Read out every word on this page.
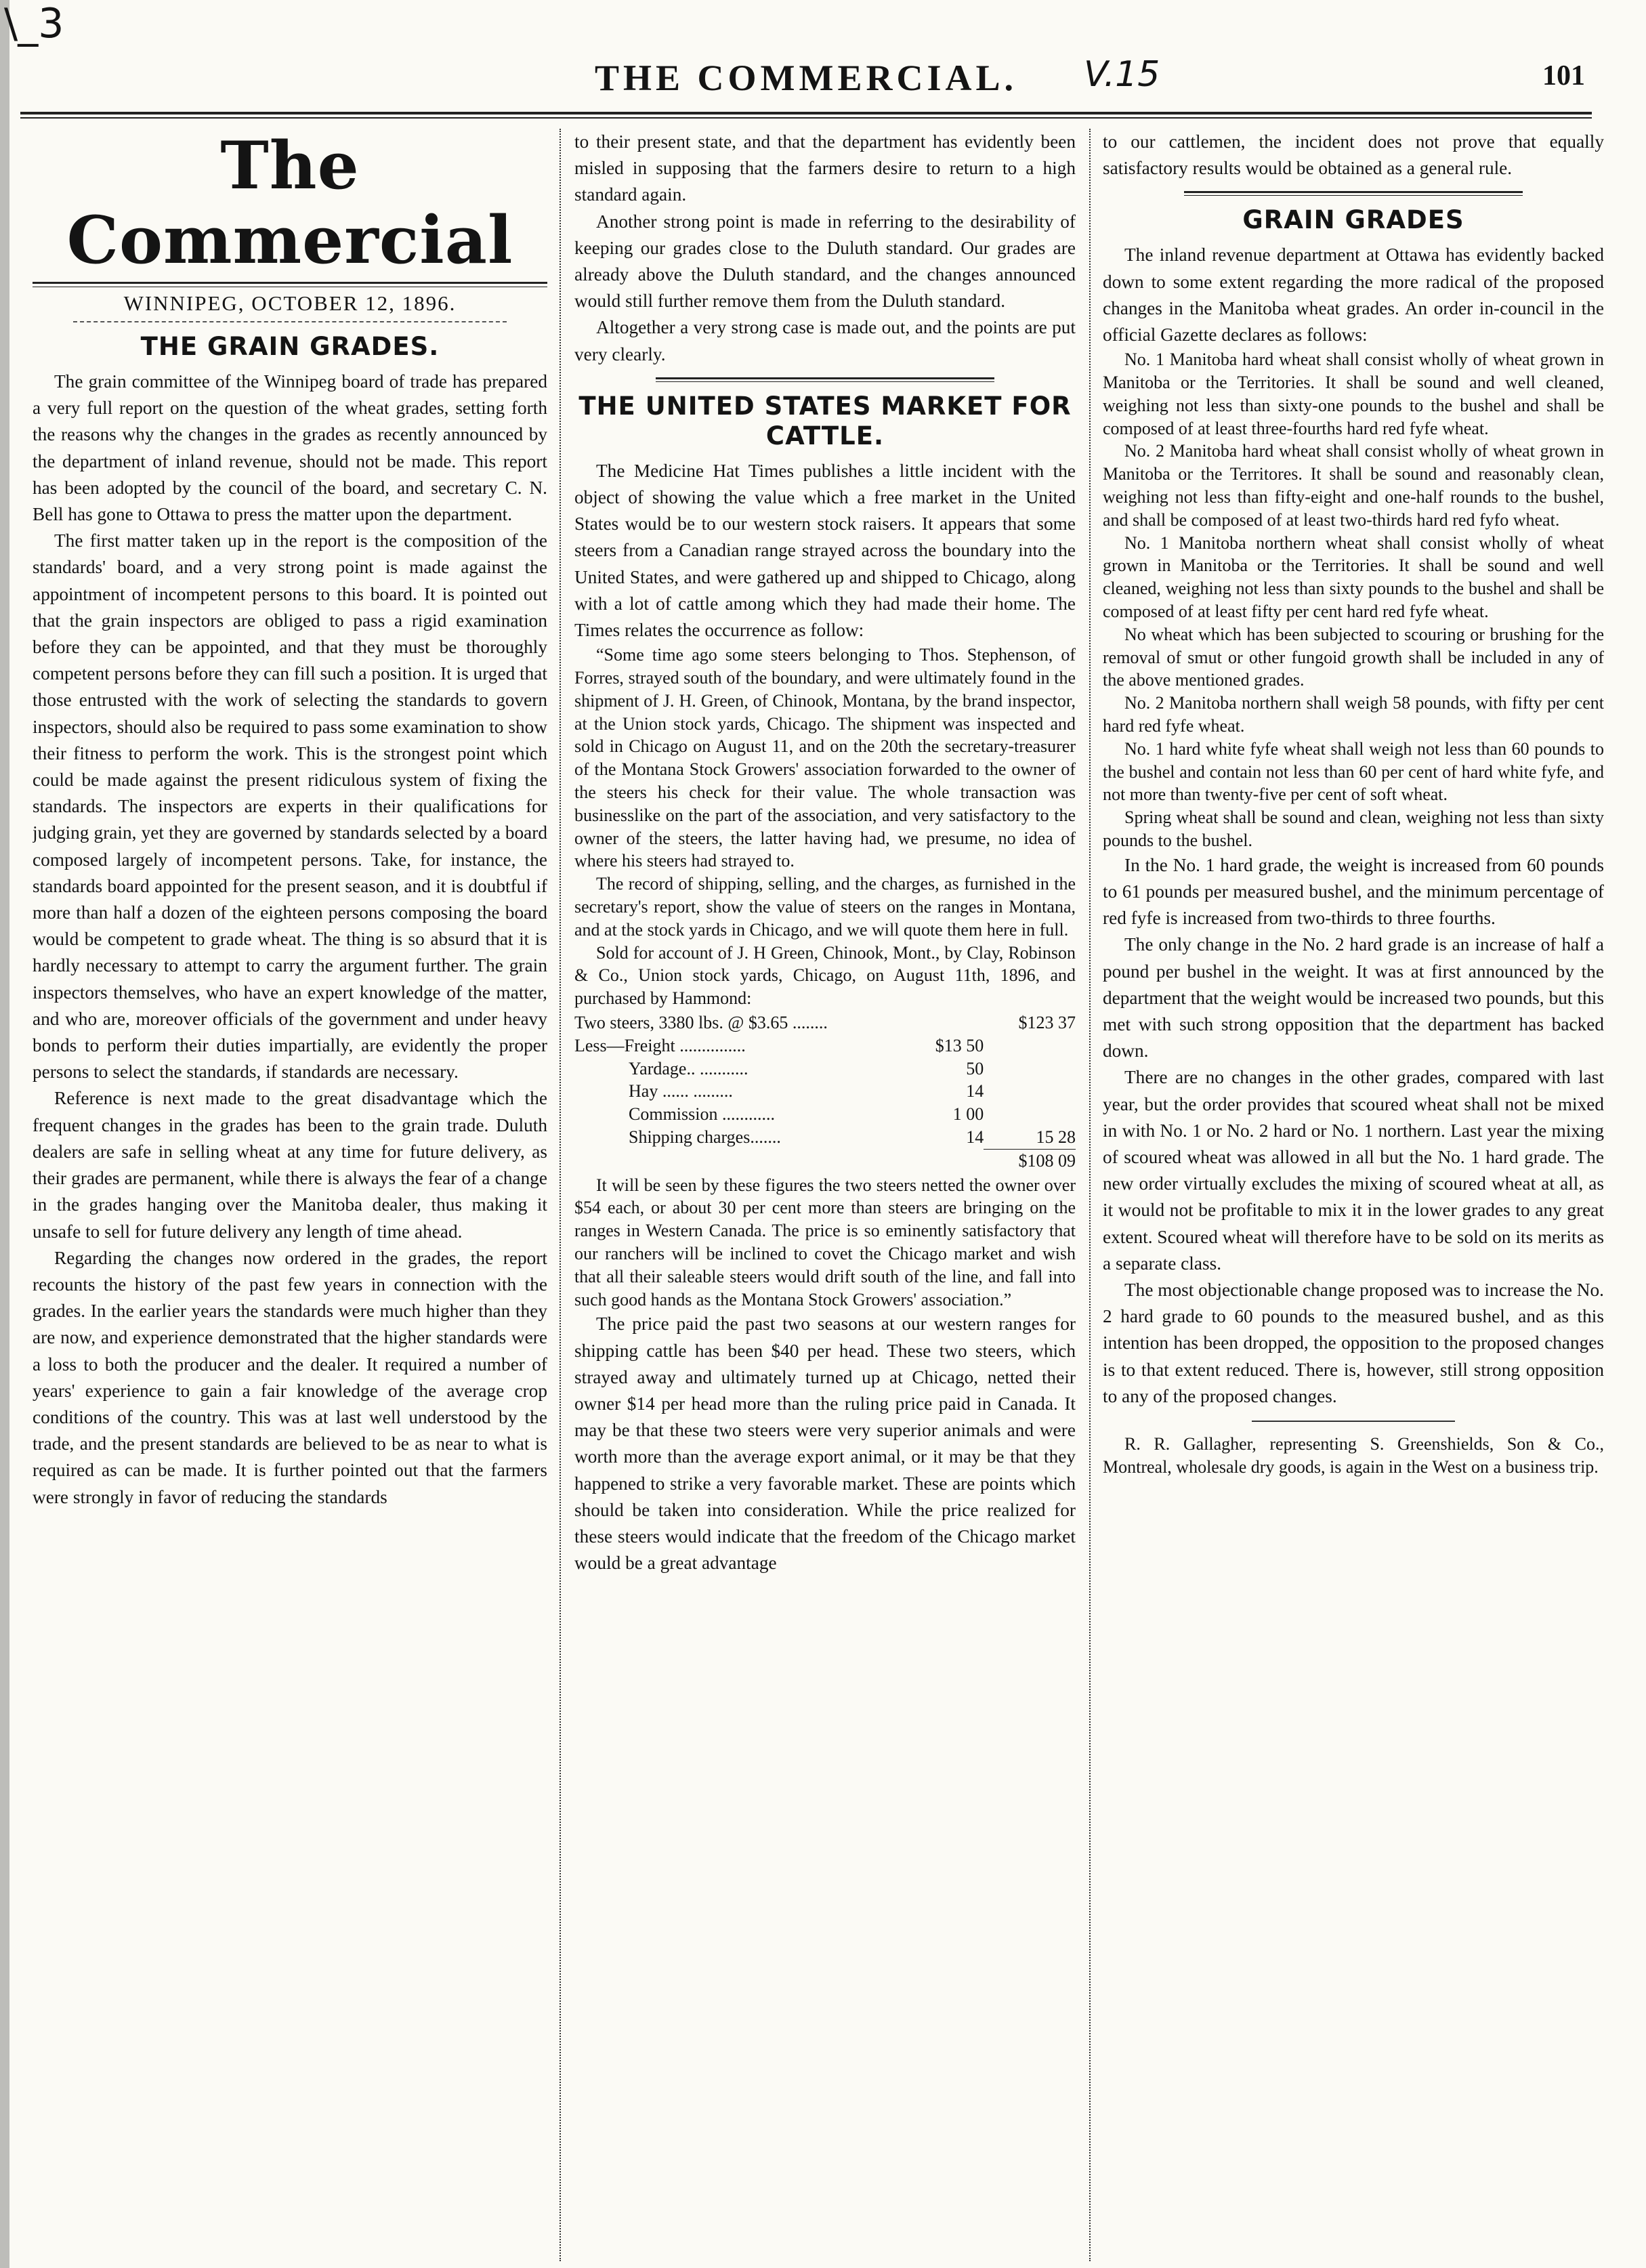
\_3
THE COMMERCIAL.	V.15	101
The Commercial
WINNIPEG, OCTOBER 12, 1896.
THE GRAIN GRADES.

The grain committee of the Winnipeg board of trade has prepared a very full report on the question of the wheat grades, setting forth the reasons why the changes in the grades as recently announced by the department of inland revenue, should not be made. This report has been adopted by the council of the board, and secretary C. N. Bell has gone to Ottawa to press the matter upon the department.

The first matter taken up in the report is the composition of the standards' board, and a very strong point is made against the appointment of incompetent persons to this board. It is pointed out that the grain inspectors are obliged to pass a rigid examination before they can be appointed, and that they must be thoroughly competent persons before they can fill such a position. It is urged that those entrusted with the work of selecting the standards to govern inspectors, should also be required to pass some examination to show their fitness to perform the work. This is the strongest point which could be made against the present ridiculous system of fixing the standards. The inspectors are experts in their qualifications for judging grain, yet they are governed by standards selected by a board composed largely of incompetent persons. Take, for instance, the standards board appointed for the present season, and it is doubtful if more than half a dozen of the eighteen persons composing the board would be competent to grade wheat. The thing is so absurd that it is hardly necessary to attempt to carry the argument further. The grain inspectors themselves, who have an expert knowledge of the matter, and who are, moreover officials of the government and under heavy bonds to perform their duties impartially, are evidently the proper persons to select the standards, if standards are necessary.

Reference is next made to the great disadvantage which the frequent changes in the grades has been to the grain trade. Duluth dealers are safe in selling wheat at any time for future delivery, as their grades are permanent, while there is always the fear of a change in the grades hanging over the Manitoba dealer, thus making it unsafe to sell for future delivery any length of time ahead.

Regarding the changes now ordered in the grades, the report recounts the history of the past few years in connection with the grades. In the earlier years the standards were much higher than they are now, and experience demonstrated that the higher standards were a loss to both the producer and the dealer. It required a number of years' experience to gain a fair knowledge of the average crop conditions of the country. This was at last well understood by the trade, and the present standards are believed to be as near to what is required as can be made. It is further pointed out that the farmers were strongly in favor of reducing the standards

to their present state, and that the department has evidently been misled in supposing that the farmers desire to return to a high standard again.

Another strong point is made in referring to the desirability of keeping our grades close to the Duluth standard. Our grades are already above the Duluth standard, and the changes announced would still further remove them from the Duluth standard.

Altogether a very strong case is made out, and the points are put very clearly.

THE UNITED STATES MARKET FOR CATTLE.

The Medicine Hat Times publishes a little incident with the object of showing the value which a free market in the United States would be to our western stock raisers. It appears that some steers from a Canadian range strayed across the boundary into the United States, and were gathered up and shipped to Chicago, along with a lot of cattle among which they had made their home. The Times relates the occurrence as follow:

“Some time ago some steers belonging to Thos. Stephenson, of Forres, strayed south of the boundary, and were ultimately found in the shipment of J. H. Green, of Chinook, Montana, by the brand inspector, at the Union stock yards, Chicago. The shipment was inspected and sold in Chicago on August 11, and on the 20th the secretary-treasurer of the Montana Stock Growers' association forwarded to the owner of the steers his check for their value. The whole transaction was businesslike on the part of the association, and very satisfactory to the owner of the steers, the latter having had, we presume, no idea of where his steers had strayed to.

The record of shipping, selling, and the charges, as furnished in the secretary's report, show the value of steers on the ranges in Montana, and at the stock yards in Chicago, and we will quote them here in full.

Sold for account of J. H Green, Chinook, Mont., by Clay, Robinson & Co., Union stock yards, Chicago, on August 11th, 1896, and purchased by Hammond:

Two steers, 3380 lbs. @ $3.65 ........		$123 37
Less—Freight ...............	$13 50	
Yardage.. ...........	50	
Hay ...... .........	14	
Commission ............	1 00	
Shipping charges.......	14	15 28
		$108 09

It will be seen by these figures the two steers netted the owner over $54 each, or about 30 per cent more than steers are bringing on the ranges in Western Canada. The price is so eminently satisfactory that our ranchers will be inclined to covet the Chicago market and wish that all their saleable steers would drift south of the line, and fall into such good hands as the Montana Stock Growers' association.”

The price paid the past two seasons at our western ranges for shipping cattle has been $40 per head. These two steers, which strayed away and ultimately turned up at Chicago, netted their owner $14 per head more than the ruling price paid in Canada. It may be that these two steers were very superior animals and were worth more than the average export animal, or it may be that they happened to strike a very favorable market. These are points which should be taken into consideration. While the price realized for these steers would indicate that the freedom of the Chicago market would be a great advantage

to our cattlemen, the incident does not prove that equally satisfactory results would be obtained as a general rule.

GRAIN GRADES

The inland revenue department at Ottawa has evidently backed down to some extent regarding the more radical of the proposed changes in the Manitoba wheat grades. An order in-council in the official Gazette declares as follows:

No. 1 Manitoba hard wheat shall consist wholly of wheat grown in Manitoba or the Territories. It shall be sound and well cleaned, weighing not less than sixty-one pounds to the bushel and shall be composed of at least three-fourths hard red fyfe wheat.

No. 2 Manitoba hard wheat shall consist wholly of wheat grown in Manitoba or the Territores. It shall be sound and reasonably clean, weighing not less than fifty-eight and one-half rounds to the bushel, and shall be composed of at least two-thirds hard red fyfo wheat.

No. 1 Manitoba northern wheat shall consist wholly of wheat grown in Manitoba or the Territories. It shall be sound and well cleaned, weighing not less than sixty pounds to the bushel and shall be composed of at least fifty per cent hard red fyfe wheat.

No wheat which has been subjected to scouring or brushing for the removal of smut or other fungoid growth shall be included in any of the above mentioned grades.

No. 2 Manitoba northern shall weigh 58 pounds, with fifty per cent hard red fyfe wheat.

No. 1 hard white fyfe wheat shall weigh not less than 60 pounds to the bushel and contain not less than 60 per cent of hard white fyfe, and not more than twenty-five per cent of soft wheat.

Spring wheat shall be sound and clean, weighing not less than sixty pounds to the bushel.

In the No. 1 hard grade, the weight is increased from 60 pounds to 61 pounds per measured bushel, and the minimum percentage of red fyfe is increased from two-thirds to three fourths.

The only change in the No. 2 hard grade is an increase of half a pound per bushel in the weight. It was at first announced by the department that the weight would be increased two pounds, but this met with such strong opposition that the department has backed down.

There are no changes in the other grades, compared with last year, but the order provides that scoured wheat shall not be mixed in with No. 1 or No. 2 hard or No. 1 northern. Last year the mixing of scoured wheat was allowed in all but the No. 1 hard grade. The new order virtually excludes the mixing of scoured wheat at all, as it would not be profitable to mix it in the lower grades to any great extent. Scoured wheat will therefore have to be sold on its merits as a separate class.

The most objectionable change proposed was to increase the No. 2 hard grade to 60 pounds to the measured bushel, and as this intention has been dropped, the opposition to the proposed changes is to that extent reduced. There is, however, still strong opposition to any of the proposed changes.

R. R. Gallagher, representing S. Greenshields, Son & Co., Montreal, wholesale dry goods, is again in the West on a business trip.
